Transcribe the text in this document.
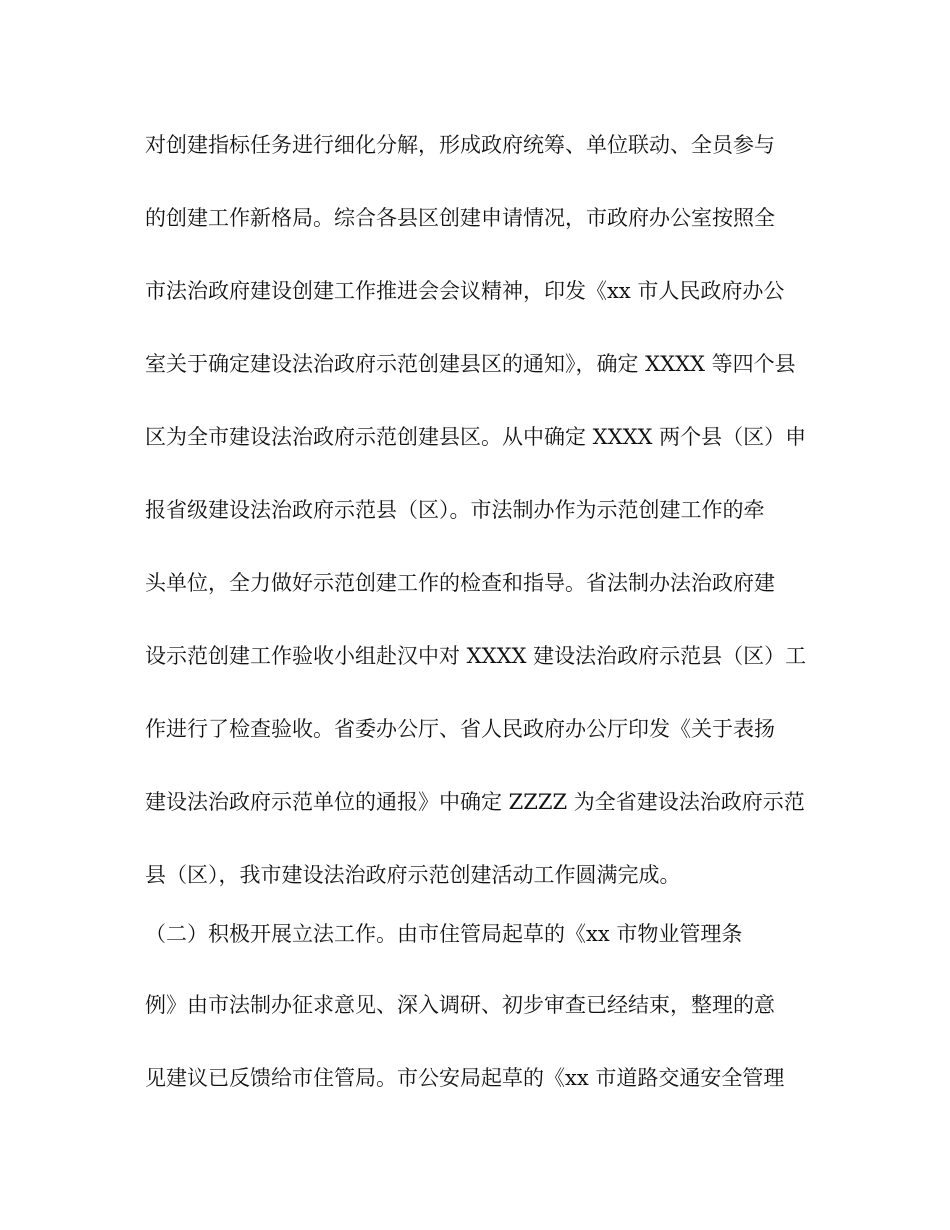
对创建指标任务进行细化分解，形成政府统筹、单位联动、全员参与
的创建工作新格局。综合各县区创建申请情况，市政府办公室按照全
市法治政府建设创建工作推进会会议精神，印发《xx 市人民政府办公
室关于确定建设法治政府示范创建县区的通知》，确定 XXXX 等四个县
区为全市建设法治政府示范创建县区。从中确定 XXXX 两个县（区）申
报省级建设法治政府示范县（区）。市法制办作为示范创建工作的牵
头单位，全力做好示范创建工作的检查和指导。省法制办法治政府建
设示范创建工作验收小组赴汉中对 XXXX 建设法治政府示范县（区）工
作进行了检查验收。省委办公厅、省人民政府办公厅印发《关于表扬
建设法治政府示范单位的通报》中确定 ZZZZ 为全省建设法治政府示范
县（区），我市建设法治政府示范创建活动工作圆满完成。
（二）积极开展立法工作。由市住管局起草的《xx 市物业管理条
例》由市法制办征求意见、深入调研、初步审查已经结束，整理的意
见建议已反馈给市住管局。市公安局起草的《xx 市道路交通安全管理
